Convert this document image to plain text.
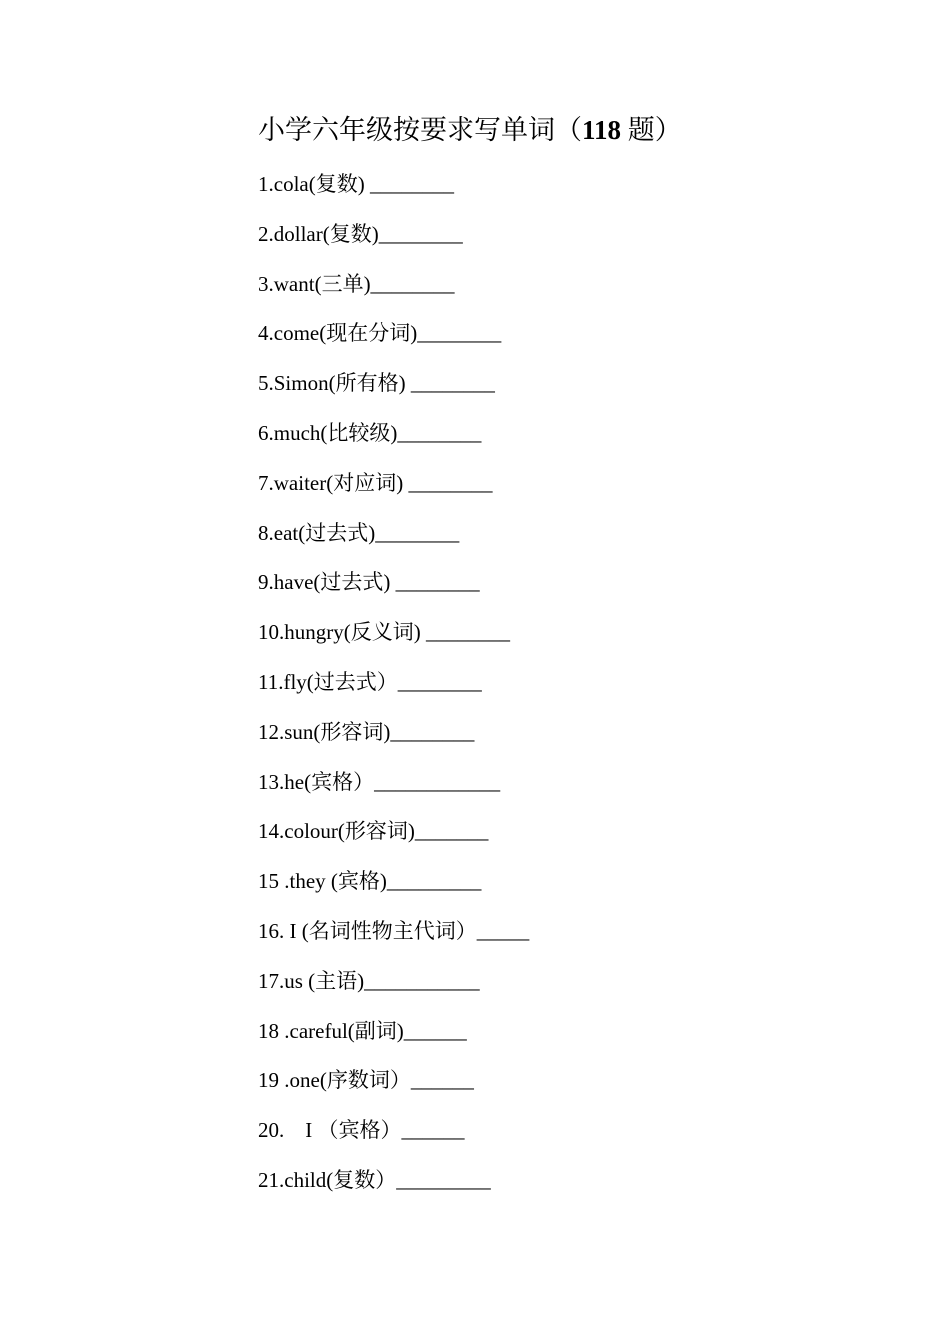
小学六年级按要求写单词（118 题）
1.cola(复数) ________
2.dollar(复数)________
3.want(三单)________
4.come(现在分词)________
5.Simon(所有格) ________
6.much(比较级)________
7.waiter(对应词) ________
8.eat(过去式)________
9.have(过去式) ________
10.hungry(反义词) ________
11.fly(过去式）________
12.sun(形容词)________
13.he(宾格）____________
14.colour(形容词)_______
15 .they (宾格)_________
16. I (名词性物主代词）_____
17.us (主语)___________
18 .careful(副词)______
19 .one(序数词）______
20.    I （宾格）______
21.child(复数）_________
